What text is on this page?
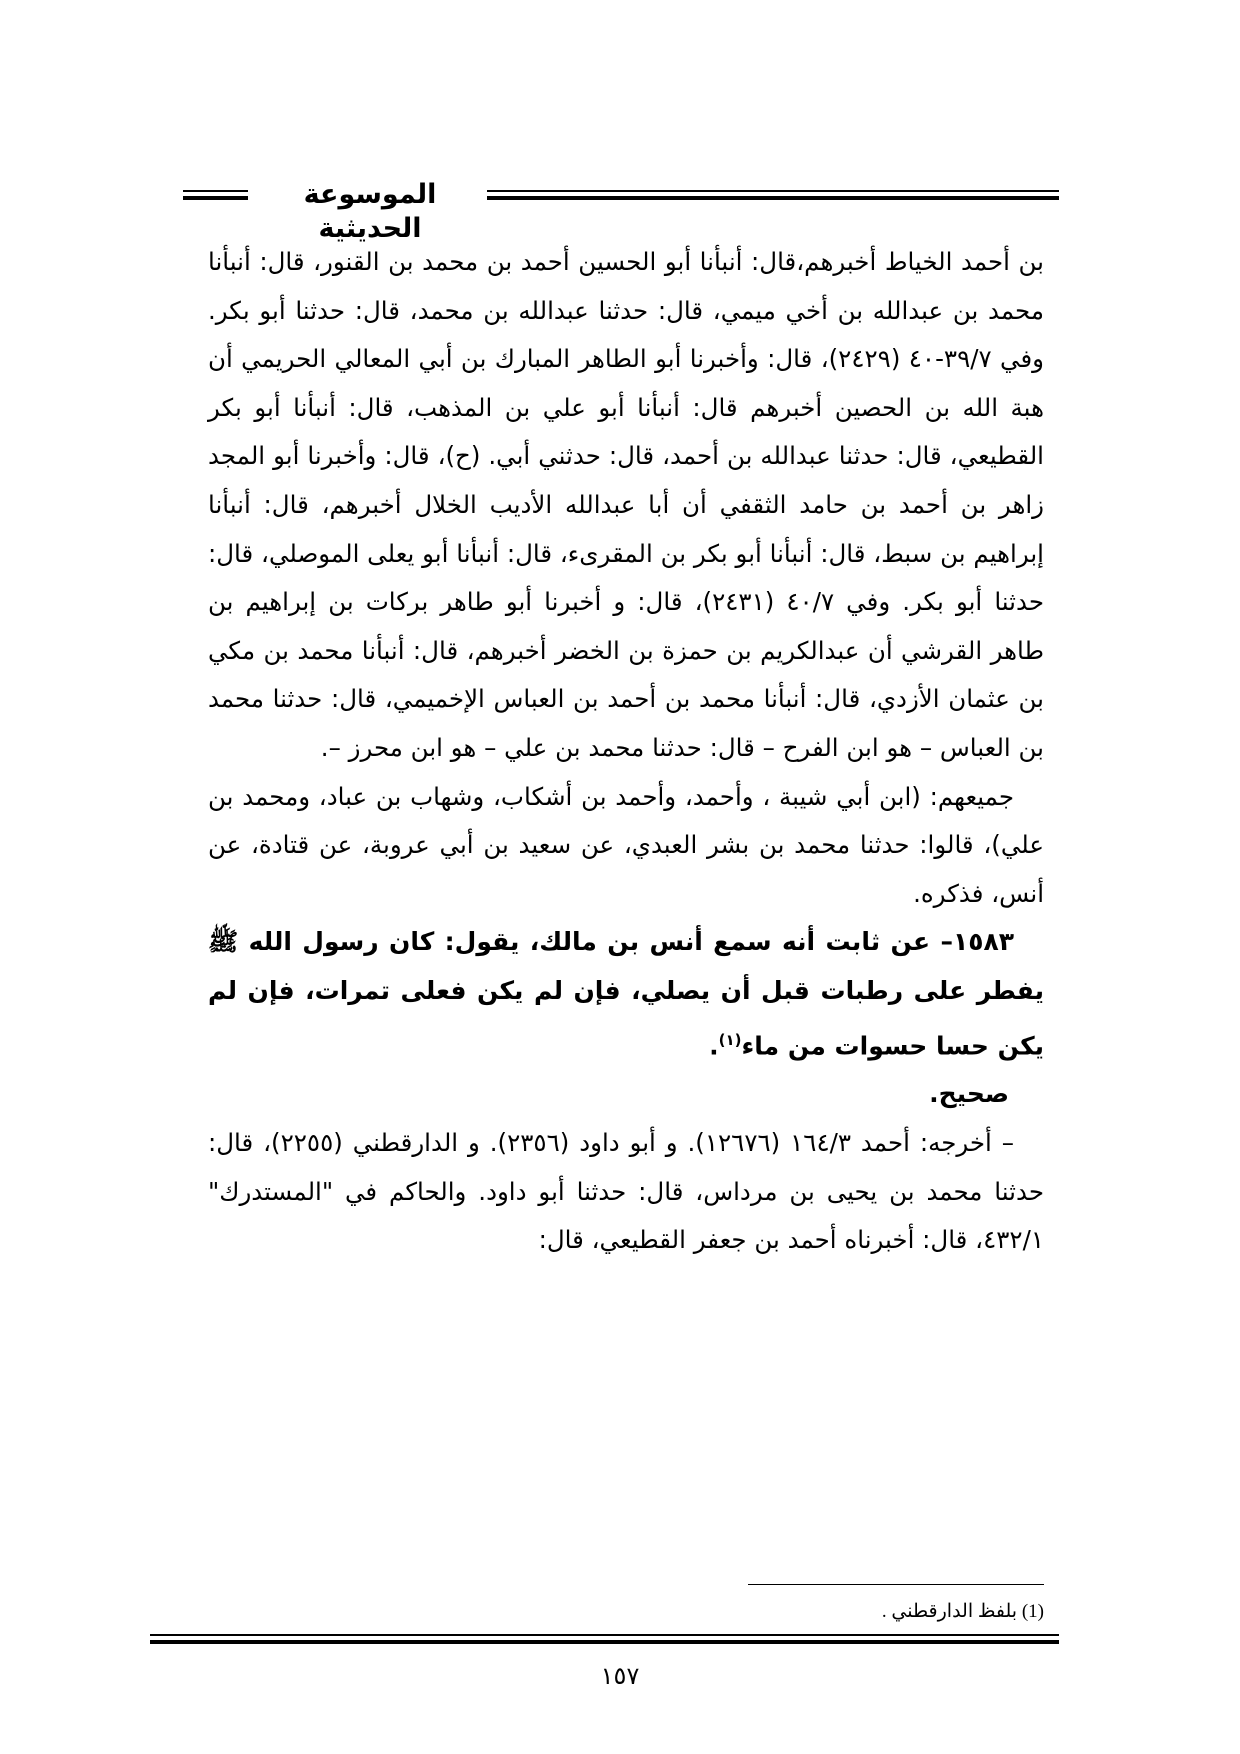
الموسوعة الحديثية

بن أحمد الخياط أخبرهم،قال: أنبأنا أبو الحسين أحمد بن محمد بن القنور، قال: أنبأنا محمد بن عبدالله بن أخي ميمي، قال: حدثنا عبدالله بن محمد، قال: حدثنا أبو بكر. وفي ٣٩/٧-٤٠ (٢٤٢٩)، قال: وأخبرنا أبو الطاهر المبارك بن أبي المعالي الحريمي أن هبة الله بن الحصين أخبرهم قال: أنبأنا أبو علي بن المذهب، قال: أنبأنا أبو بكر القطيعي، قال: حدثنا عبدالله بن أحمد، قال: حدثني أبي. (ح)، قال: وأخبرنا أبو المجد زاهر بن أحمد بن حامد الثقفي أن أبا عبدالله الأديب الخلال أخبرهم، قال: أنبأنا إبراهيم بن سبط، قال: أنبأنا أبو بكر بن المقرىء، قال: أنبأنا أبو يعلى الموصلي، قال: حدثنا أبو بكر. وفي ٤٠/٧ (٢٤٣١)، قال: و أخبرنا أبو طاهر بركات بن إبراهيم بن طاهر القرشي أن عبدالكريم بن حمزة بن الخضر أخبرهم، قال: أنبأنا محمد بن مكي بن عثمان الأزدي، قال: أنبأنا محمد بن أحمد بن العباس الإخميمي، قال: حدثنا محمد بن العباس – هو ابن الفرح – قال: حدثنا محمد بن علي – هو ابن محرز –.

جميعهم: (ابن أبي شيبة ، وأحمد، وأحمد بن أشكاب، وشهاب بن عباد، ومحمد بن علي)، قالوا: حدثنا محمد بن بشر العبدي، عن سعيد بن أبي عروبة، عن قتادة، عن أنس، فذكره.

١٥٨٣– عن ثابت أنه سمع أنس بن مالك، يقول: كان رسول الله ﷺ يفطر على رطبات قبل أن يصلي، فإن لم يكن فعلى تمرات، فإن لم يكن حسا حسوات من ماء$^{(١)}$.

صحيح.

– أخرجه: أحمد ١٦٤/٣ (١٢٦٧٦). و أبو داود (٢٣٥٦). و الدارقطني (٢٢٥٥)، قال: حدثنا محمد بن يحيى بن مرداس، قال: حدثنا أبو داود. والحاكم في "المستدرك" ٤٣٢/١، قال: أخبرناه أحمد بن جعفر القطيعي، قال:

(1) بلفظ الدارقطني .
١٥٧
